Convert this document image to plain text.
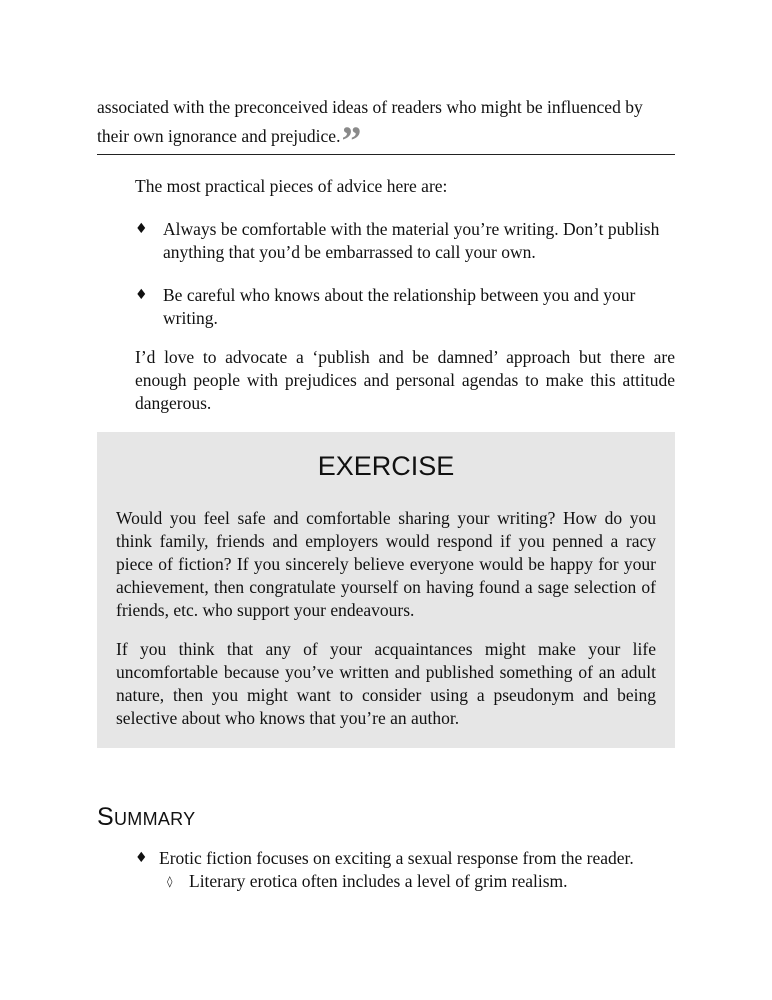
associated with the preconceived ideas of readers who might be influenced by their own ignorance and prejudice.”
The most practical pieces of advice here are:
♦ Always be comfortable with the material you’re writing. Don’t publish anything that you’d be embarrassed to call your own.
♦ Be careful who knows about the relationship between you and your writing.
I’d love to advocate a ‘publish and be damned’ approach but there are enough people with prejudices and personal agendas to make this attitude dangerous.
EXERCISE

Would you feel safe and comfortable sharing your writing? How do you think family, friends and employers would respond if you penned a racy piece of fiction? If you sincerely believe everyone would be happy for your achievement, then congratulate yourself on having found a sage selection of friends, etc. who support your endeavours.

If you think that any of your acquaintances might make your life uncomfortable because you’ve written and published something of an adult nature, then you might want to consider using a pseudonym and being selective about who knows that you’re an author.

Summary
♦ Erotic fiction focuses on exciting a sexual response from the reader.
◊ Literary erotica often includes a level of grim realism.
